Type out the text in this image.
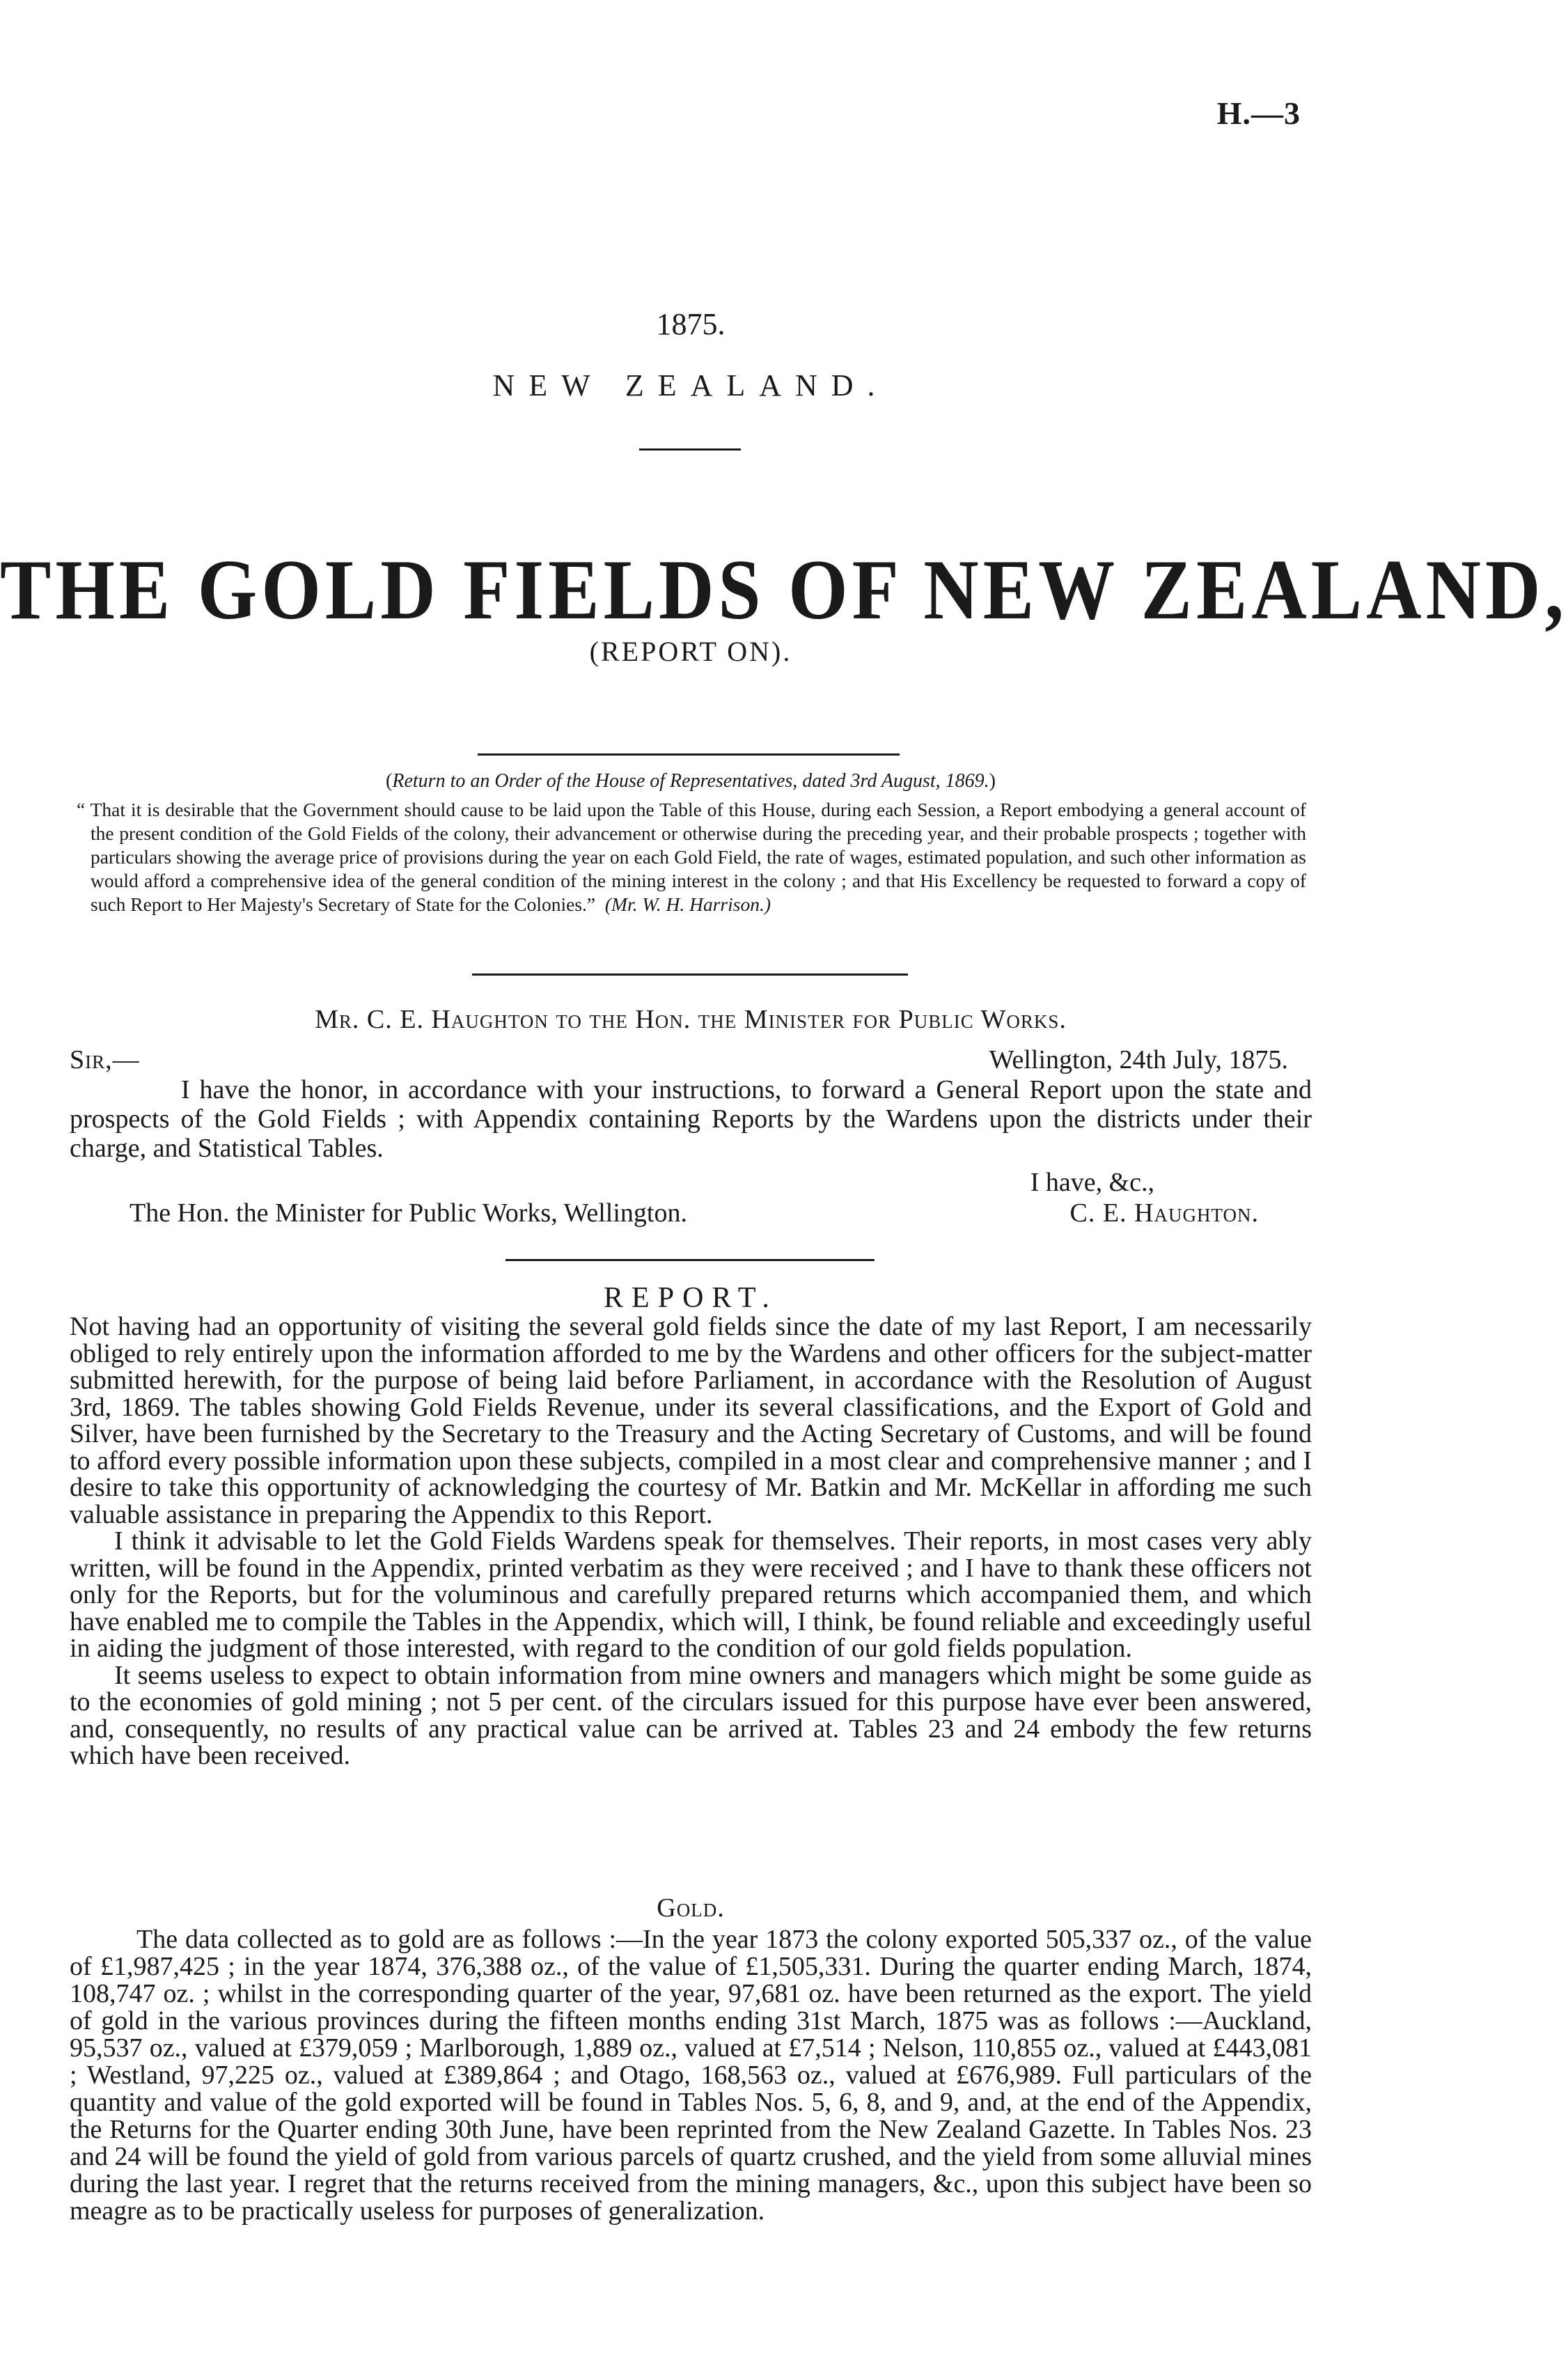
H.—3
1875.
NEW ZEALAND.
THE GOLD FIELDS OF NEW ZEALAND,
(REPORT ON).
(Return to an Order of the House of Representatives, dated 3rd August, 1869.)
“ That it is desirable that the Government should cause to be laid upon the Table of this House, during each Session, a Report embodying a general account of the present condition of the Gold Fields of the colony, their advancement or otherwise during the preceding year, and their probable prospects ; together with particulars showing the average price of provisions during the year on each Gold Field, the rate of wages, estimated population, and such other information as would afford a comprehensive idea of the general condition of the mining interest in the colony ; and that His Excellency be requested to forward a copy of such Report to Her Majesty's Secretary of State for the Colonies.” (Mr. W. H. Harrison.)
Mr. C. E. Haughton to the Hon. the Minister for Public Works.
Sir,—	Wellington, 24th July, 1875.
I have the honor, in accordance with your instructions, to forward a General Report upon the state and prospects of the Gold Fields ; with Appendix containing Reports by the Wardens upon the districts under their charge, and Statistical Tables.
I have, &c.,
The Hon. the Minister for Public Works, Wellington.	C. E. Haughton.
REPORT.

Not having had an opportunity of visiting the several gold fields since the date of my last Report, I am necessarily obliged to rely entirely upon the information afforded to me by the Wardens and other officers for the subject-matter submitted herewith, for the purpose of being laid before Parliament, in accordance with the Resolution of August 3rd, 1869. The tables showing Gold Fields Revenue, under its several classifications, and the Export of Gold and Silver, have been furnished by the Secretary to the Treasury and the Acting Secretary of Customs, and will be found to afford every possible information upon these subjects, compiled in a most clear and comprehensive manner ; and I desire to take this opportunity of acknowledging the courtesy of Mr. Batkin and Mr. McKellar in affording me such valuable assistance in preparing the Appendix to this Report.

I think it advisable to let the Gold Fields Wardens speak for themselves. Their reports, in most cases very ably written, will be found in the Appendix, printed verbatim as they were received ; and I have to thank these officers not only for the Reports, but for the voluminous and carefully prepared returns which accompanied them, and which have enabled me to compile the Tables in the Appendix, which will, I think, be found reliable and exceedingly useful in aiding the judgment of those interested, with regard to the condition of our gold fields population.

It seems useless to expect to obtain information from mine owners and managers which might be some guide as to the economies of gold mining ; not 5 per cent. of the circulars issued for this purpose have ever been answered, and, consequently, no results of any practical value can be arrived at. Tables 23 and 24 embody the few returns which have been received.

Gold.
The data collected as to gold are as follows :—In the year 1873 the colony exported 505,337 oz., of the value of £1,987,425 ; in the year 1874, 376,388 oz., of the value of £1,505,331. During the quarter ending March, 1874, 108,747 oz. ; whilst in the corresponding quarter of the year, 97,681 oz. have been returned as the export. The yield of gold in the various provinces during the fifteen months ending 31st March, 1875 was as follows :—Auckland, 95,537 oz., valued at £379,059 ; Marlborough, 1,889 oz., valued at £7,514 ; Nelson, 110,855 oz., valued at £443,081 ; Westland, 97,225 oz., valued at £389,864 ; and Otago, 168,563 oz., valued at £676,989. Full particulars of the quantity and value of the gold exported will be found in Tables Nos. 5, 6, 8, and 9, and, at the end of the Appendix, the Returns for the Quarter ending 30th June, have been reprinted from the New Zealand Gazette. In Tables Nos. 23 and 24 will be found the yield of gold from various parcels of quartz crushed, and the yield from some alluvial mines during the last year. I regret that the returns received from the mining managers, &c., upon this subject have been so meagre as to be practically useless for purposes of generalization.
